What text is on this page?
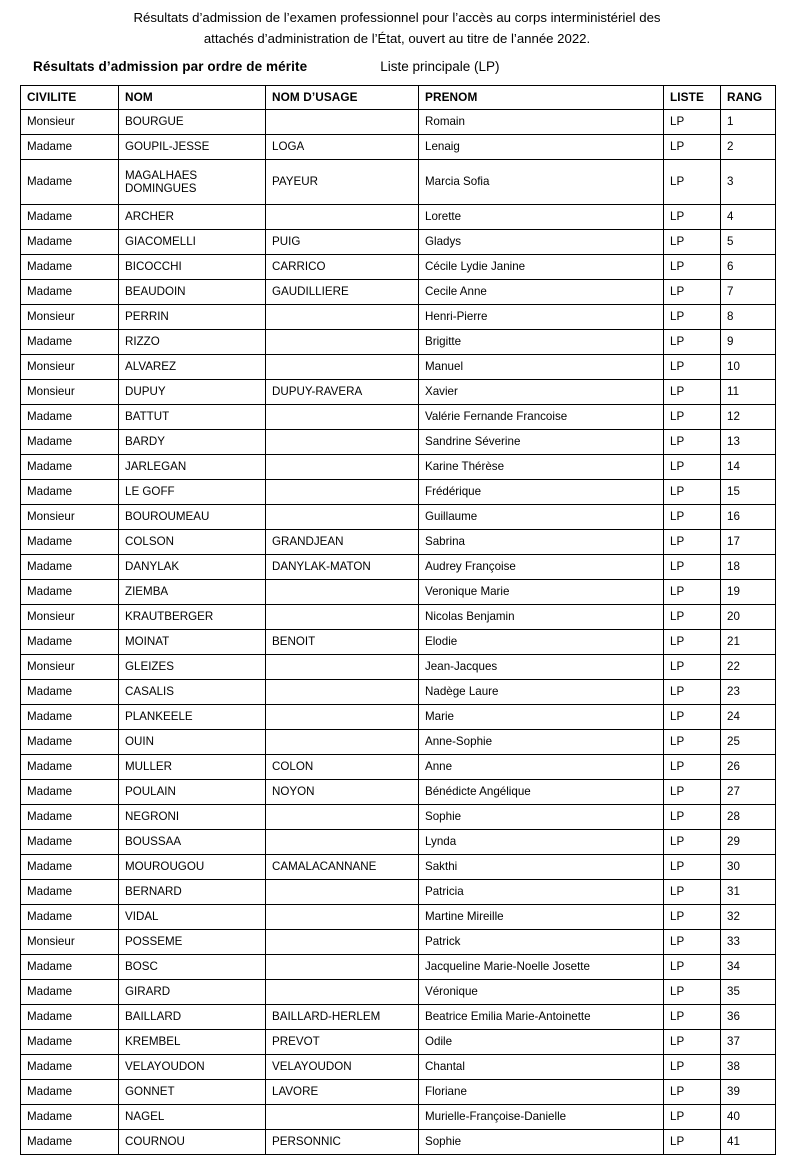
Résultats d’admission de l’examen professionnel pour l’accès au corps interministériel des
attachés d’administration de l’État, ouvert au titre de l’année 2022.
Résultats d’admission par ordre de mérite	Liste principale (LP)
CIVILITE	NOM	NOM D’USAGE	PRENOM	LISTE	RANG
Monsieur	BOURGUE		Romain	LP	1
Madame	GOUPIL-JESSE	LOGA	Lenaig	LP	2
Madame	MAGALHAES DOMINGUES	PAYEUR	Marcia Sofia	LP	3
Madame	ARCHER		Lorette	LP	4
Madame	GIACOMELLI	PUIG	Gladys	LP	5
Madame	BICOCCHI	CARRICO	Cécile Lydie Janine	LP	6
Madame	BEAUDOIN	GAUDILLIERE	Cecile Anne	LP	7
Monsieur	PERRIN		Henri-Pierre	LP	8
Madame	RIZZO		Brigitte	LP	9
Monsieur	ALVAREZ		Manuel	LP	10
Monsieur	DUPUY	DUPUY-RAVERA	Xavier	LP	11
Madame	BATTUT		Valérie Fernande Francoise	LP	12
Madame	BARDY		Sandrine Séverine	LP	13
Madame	JARLEGAN		Karine Thérèse	LP	14
Madame	LE GOFF		Frédérique	LP	15
Monsieur	BOUROUMEAU		Guillaume	LP	16
Madame	COLSON	GRANDJEAN	Sabrina	LP	17
Madame	DANYLAK	DANYLAK-MATON	Audrey Françoise	LP	18
Madame	ZIEMBA		Veronique Marie	LP	19
Monsieur	KRAUTBERGER		Nicolas Benjamin	LP	20
Madame	MOINAT	BENOIT	Elodie	LP	21
Monsieur	GLEIZES		Jean-Jacques	LP	22
Madame	CASALIS		Nadège Laure	LP	23
Madame	PLANKEELE		Marie	LP	24
Madame	OUIN		Anne-Sophie	LP	25
Madame	MULLER	COLON	Anne	LP	26
Madame	POULAIN	NOYON	Bénédicte Angélique	LP	27
Madame	NEGRONI		Sophie	LP	28
Madame	BOUSSAA		Lynda	LP	29
Madame	MOUROUGOU	CAMALACANNANE	Sakthi	LP	30
Madame	BERNARD		Patricia	LP	31
Madame	VIDAL		Martine Mireille	LP	32
Monsieur	POSSEME		Patrick	LP	33
Madame	BOSC		Jacqueline Marie-Noelle Josette	LP	34
Madame	GIRARD		Véronique	LP	35
Madame	BAILLARD	BAILLARD-HERLEM	Beatrice Emilia Marie-Antoinette	LP	36
Madame	KREMBEL	PREVOT	Odile	LP	37
Madame	VELAYOUDON	VELAYOUDON	Chantal	LP	38
Madame	GONNET	LAVORE	Floriane	LP	39
Madame	NAGEL		Murielle-Françoise-Danielle	LP	40
Madame	COURNOU	PERSONNIC	Sophie	LP	41
